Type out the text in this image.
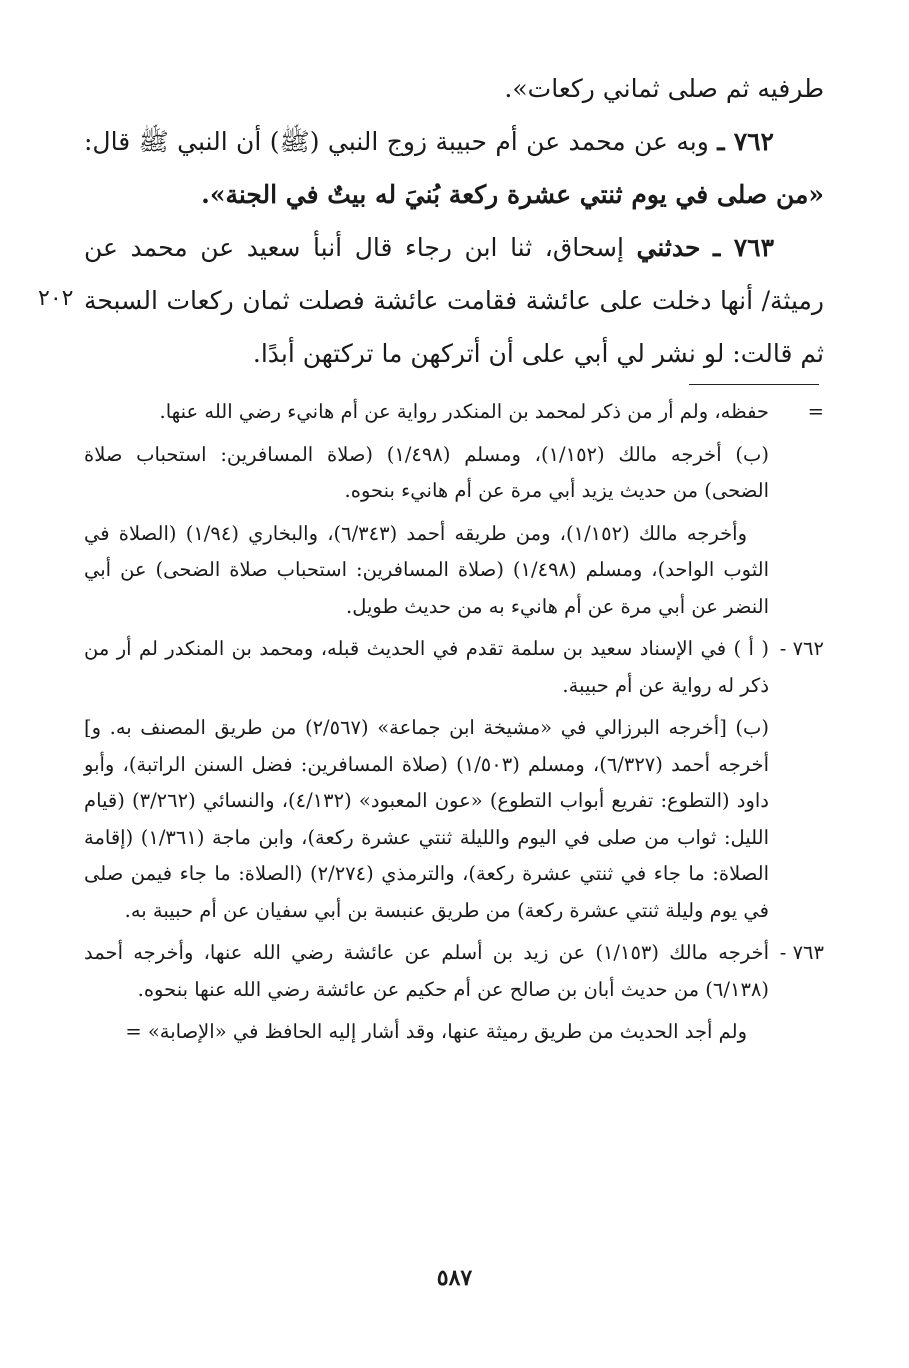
طرفيه ثم صلى ثماني ركعات».

٧٦٢ ـ وبه عن محمد عن أم حبيبة زوج النبي (ﷺ) أن النبي ﷺ قال: «من صلى في يوم ثنتي عشرة ركعة بُنيَ له بيتٌ في الجنة».

٧٦٣ ـ حدثني إسحاق، ثنا ابن رجاء قال أنبأ سعيد عن محمد عن رميثة/ أنها دخلت على عائشة فقامت عائشة فصلت ثمان ركعات السبحة ثم قالت: لو نشر لي أبي على أن أتركهن ما تركتهن أبدًا.

٢٠٢
=

حفظه، ولم أر من ذكر لمحمد بن المنكدر رواية عن أم هانيء رضي الله عنها.

(ب) أخرجه مالك (١/١٥٢)، ومسلم (١/٤٩٨) (صلاة المسافرين: استحباب صلاة الضحى) من حديث يزيد أبي مرة عن أم هانيء بنحوه.

وأخرجه مالك (١/١٥٢)، ومن طريقه أحمد (٦/٣٤٣)، والبخاري (١/٩٤) (الصلاة في الثوب الواحد)، ومسلم (١/٤٩٨) (صلاة المسافرين: استحباب صلاة الضحى) عن أبي النضر عن أبي مرة عن أم هانيء به من حديث طويل.

٧٦٢ -

( أ ) في الإسناد سعيد بن سلمة تقدم في الحديث قبله، ومحمد بن المنكدر لم أر من ذكر له رواية عن أم حبيبة.

(ب) [أخرجه البرزالي في «مشيخة ابن جماعة» (٢/٥٦٧) من طريق المصنف به. و] أخرجه أحمد (٦/٣٢٧)، ومسلم (١/٥٠٣) (صلاة المسافرين: فضل السنن الراتبة)، وأبو داود (التطوع: تفريع أبواب التطوع) «عون المعبود» (٤/١٣٢)، والنسائي (٣/٢٦٢) (قيام الليل: ثواب من صلى في اليوم والليلة ثنتي عشرة ركعة)، وابن ماجة (١/٣٦١) (إقامة الصلاة: ما جاء في ثنتي عشرة ركعة)، والترمذي (٢/٢٧٤) (الصلاة: ما جاء فيمن صلى في يوم وليلة ثنتي عشرة ركعة) من طريق عنبسة بن أبي سفيان عن أم حبيبة به.

٧٦٣ -

أخرجه مالك (١/١٥٣) عن زيد بن أسلم عن عائشة رضي الله عنها، وأخرجه أحمد (٦/١٣٨) من حديث أبان بن صالح عن أم حكيم عن عائشة رضي الله عنها بنحوه.

ولم أجد الحديث من طريق رميثة عنها، وقد أشار إليه الحافظ في «الإصابة» =

٥٨٧
